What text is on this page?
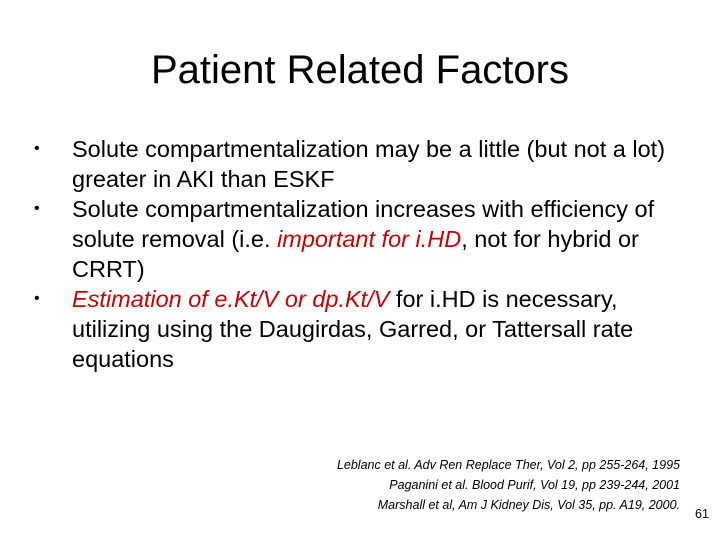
Patient Related Factors
•	Solute compartmentalization may be a little (but not a lot) greater in AKI than ESKF
•	Solute compartmentalization increases with efficiency of solute removal (i.e. important for i.HD, not for hybrid or CRRT)
•	Estimation of e.Kt/V or dp.Kt/V for i.HD is necessary, utilizing using the Daugirdas, Garred, or Tattersall rate equations
Leblanc et al. Adv Ren Replace Ther, Vol 2, pp 255-264, 1995
Paganini et al. Blood Purif, Vol 19, pp 239-244, 2001
Marshall et al, Am J Kidney Dis, Vol 35, pp. A19, 2000.
61
